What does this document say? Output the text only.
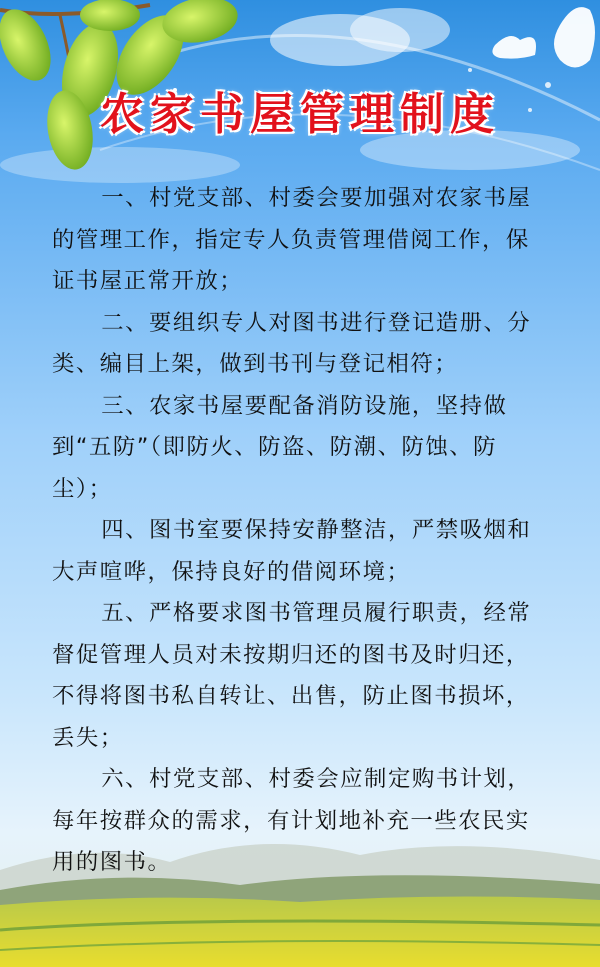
农家书屋管理制度

一、村党支部、村委会要加强对农家书屋的管理工作，指定专人负责管理借阅工作，保证书屋正常开放；

二、要组织专人对图书进行登记造册、分类、编目上架，做到书刊与登记相符；

三、农家书屋要配备消防设施，坚持做到“五防”（即防火、防盗、防潮、防蚀、防尘）；

四、图书室要保持安静整洁，严禁吸烟和大声喧哗，保持良好的借阅环境；

五、严格要求图书管理员履行职责，经常督促管理人员对未按期归还的图书及时归还，不得将图书私自转让、出售，防止图书损坏，丢失；

六、村党支部、村委会应制定购书计划，每年按群众的需求，有计划地补充一些农民实用的图书。
